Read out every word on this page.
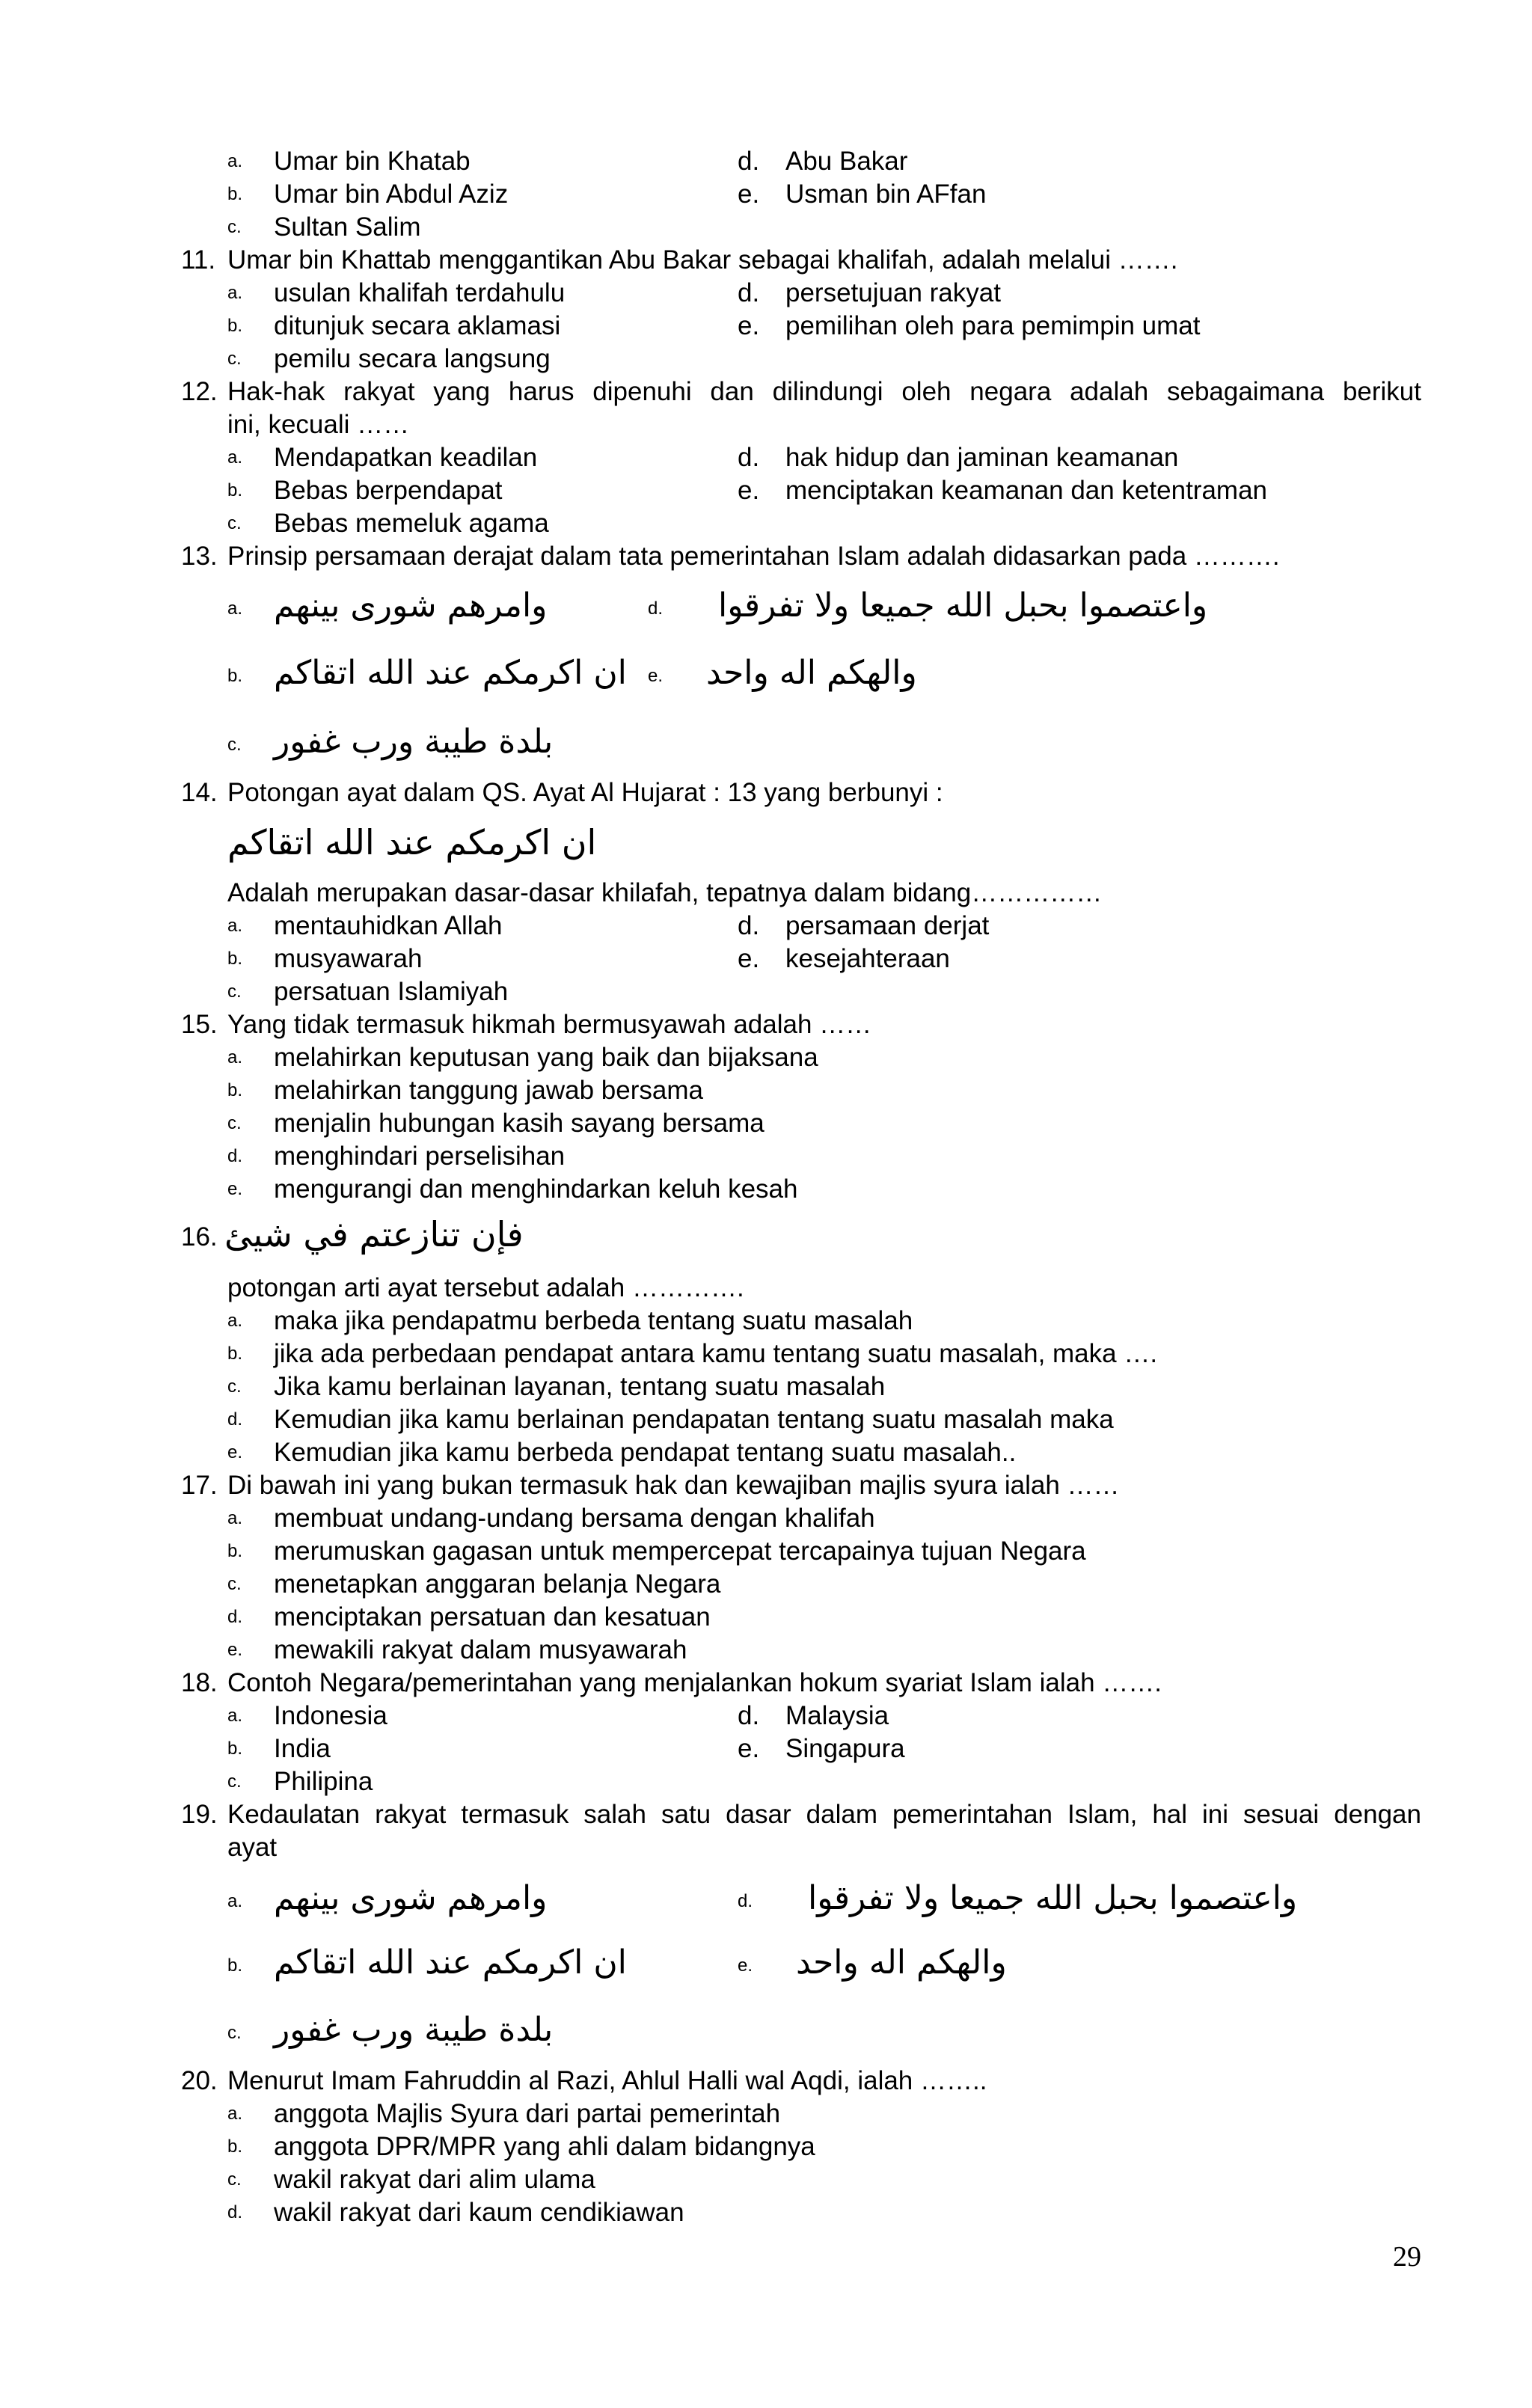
a. Umar bin Khatab	d. Abu Bakar
b. Umar bin Abdul Aziz	e. Usman bin AFfan
c. Sultan Salim
11. Umar bin Khattab menggantikan Abu Bakar sebagai khalifah, adalah melalui …….
a. usulan khalifah terdahulu	d. persetujuan rakyat
b. ditunjuk secara aklamasi	e. pemilihan oleh para pemimpin umat
c. pemilu secara langsung
12. Hak-hak rakyat yang harus dipenuhi dan dilindungi oleh negara adalah sebagaimana berikut
ini, kecuali ……
a. Mendapatkan keadilan	d. hak hidup dan jaminan keamanan
b. Bebas berpendapat	e. menciptakan keamanan dan ketentraman
c. Bebas memeluk agama
13. Prinsip persamaan derajat dalam tata pemerintahan Islam adalah didasarkan pada ……….
a. وامرهم شورى بينهم	d. واعتصموا بحبل الله جميعا ولا تفرقوا
b. ان اكرمكم عند الله اتقاكم e. والهكم اله واحد
c. بلدة طيبة ورب غفور
14. Potongan ayat dalam QS. Ayat Al Hujarat : 13 yang berbunyi :
ان اكرمكم عند الله اتقاكم
Adalah merupakan dasar-dasar khilafah, tepatnya dalam bidang……………
a. mentauhidkan Allah	d. persamaan derjat
b. musyawarah	e. kesejahteraan
c. persatuan Islamiyah
15. Yang tidak termasuk hikmah bermusyawah adalah ……
a. melahirkan keputusan yang baik dan bijaksana
b. melahirkan tanggung jawab bersama
c. menjalin hubungan kasih sayang bersama
d. menghindari perselisihan
e. mengurangi dan menghindarkan keluh kesah
16. فإن تنازعتم في شيئ
potongan arti ayat tersebut adalah ………….
a. maka jika pendapatmu berbeda tentang suatu masalah
b. jika ada perbedaan pendapat antara kamu tentang suatu masalah, maka ….
c. Jika kamu berlainan layanan, tentang suatu masalah
d. Kemudian jika kamu berlainan pendapatan tentang suatu masalah maka
e. Kemudian jika kamu berbeda pendapat tentang suatu masalah..
17. Di bawah ini yang bukan termasuk hak dan kewajiban majlis syura ialah ……
a. membuat undang-undang bersama dengan khalifah
b. merumuskan gagasan untuk mempercepat tercapainya tujuan Negara
c. menetapkan anggaran belanja Negara
d. menciptakan persatuan dan kesatuan
e. mewakili rakyat dalam musyawarah
18. Contoh Negara/pemerintahan yang menjalankan hokum syariat Islam ialah …….
a. Indonesia	d. Malaysia
b. India	e. Singapura
c. Philipina
19. Kedaulatan rakyat termasuk salah satu dasar dalam pemerintahan Islam, hal ini sesuai dengan
ayat
a. وامرهم شورى بينهم	d. واعتصموا بحبل الله جميعا ولا تفرقوا
b. ان اكرمكم عند الله اتقاكم	e. والهكم اله واحد
c. بلدة طيبة ورب غفور
20. Menurut Imam Fahruddin al Razi, Ahlul Halli wal Aqdi, ialah ……..
a. anggota Majlis Syura dari partai pemerintah
b. anggota DPR/MPR yang ahli dalam bidangnya
c. wakil rakyat dari alim ulama
d. wakil rakyat dari kaum cendikiawan
29
